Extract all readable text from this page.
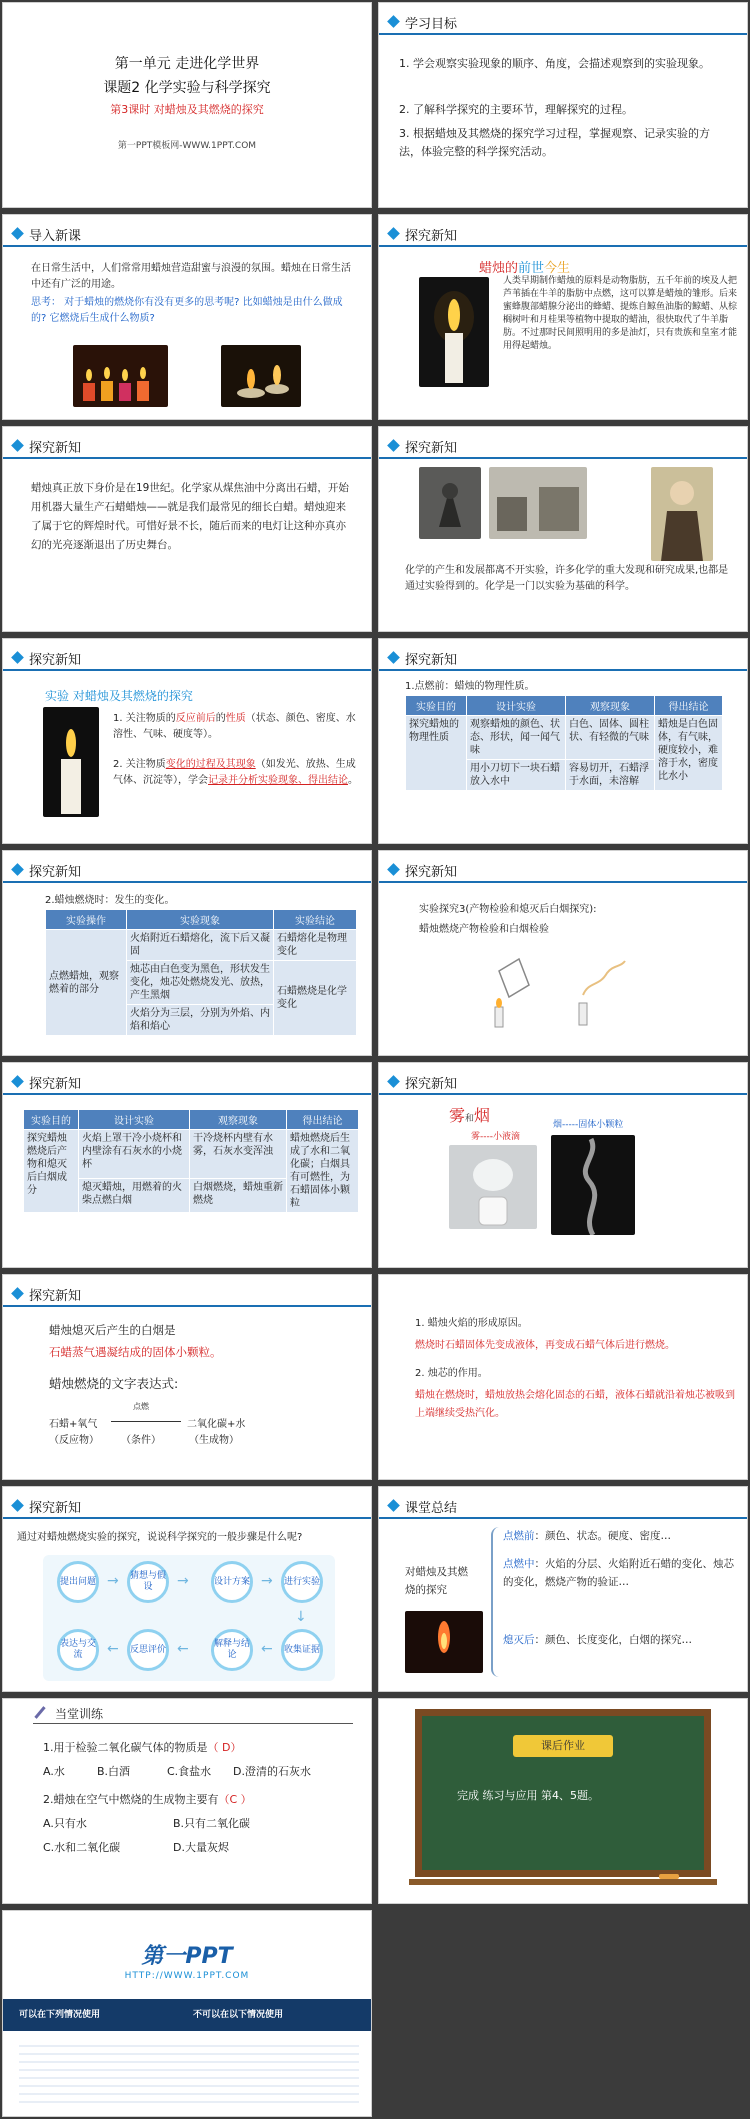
第一单元 走进化学世界
课题2 化学实验与科学探究
第3课时 对蜡烛及其燃烧的探究
第一PPT模板网-WWW.1PPT.COM
学习目标
1. 学会观察实验现象的顺序、角度，会描述观察到的实验现象。
2. 了解科学探究的主要环节，理解探究的过程。
3. 根据蜡烛及其燃烧的探究学习过程，掌握观察、记录实验的方法，体验完整的科学探究活动。
导入新课
在日常生活中，人们常常用蜡烛营造甜蜜与浪漫的氛围。蜡烛在日常生活中还有广泛的用途。
思考： 对于蜡烛的燃烧你有没有更多的思考呢? 比如蜡烛是由什么做成的? 它燃烧后生成什么物质?
探究新知
蜡烛的前世今生
人类早期制作蜡烛的原料是动物脂肪，五千年前的埃及人把芦苇插在牛羊的脂肪中点燃，这可以算是蜡烛的雏形。后来蜜蜂腹部蜡腺分泌出的蜂蜡、提炼自鲸鱼油脂的鲸蜡、从棕榈树叶和月桂果等植物中提取的蜡油，很快取代了牛羊脂肪。不过那时民间照明用的多是油灯，只有贵族和皇室才能用得起蜡烛。
探究新知
蜡烛真正放下身价是在19世纪。化学家从煤焦油中分离出石蜡，开始用机器大量生产石蜡蜡烛——就是我们最常见的细长白蜡。蜡烛迎来了属于它的辉煌时代。可惜好景不长，随后而来的电灯让这种亦真亦幻的光亮逐渐退出了历史舞台。
探究新知
化学的产生和发展都离不开实验，许多化学的重大发现和研究成果,也都是通过实验得到的。化学是一门以实验为基础的科学。
探究新知
实验 对蜡烛及其燃烧的探究
1. 关注物质的反应前后的性质（状态、颜色、密度、水溶性、气味、硬度等）。
2. 关注物质变化的过程及其现象（如发光、放热、生成气体、沉淀等），学会记录并分析实验现象、得出结论。
探究新知
1.点燃前：蜡烛的物理性质。
实验目的	设计实验	观察现象	得出结论
探究蜡烛的物理性质	观察蜡烛的颜色、状态、形状，闻一闻气味	白色、固体、圆柱状、有轻微的气味	蜡烛是白色固体，有气味，硬度较小，难溶于水，密度比水小
	用小刀切下一块石蜡放入水中	容易切开，石蜡浮于水面，未溶解	
探究新知
2.蜡烛燃烧时：发生的变化。
实验操作	实验现象	实验结论
点燃蜡烛，观察燃着的部分	火焰附近石蜡熔化，流下后又凝固	石蜡熔化是物理变化
	烛芯由白色变为黑色，形状发生变化，烛芯处燃烧发光、放热，产生黑烟	石蜡燃烧是化学变化
	火焰分为三层，分别为外焰、内焰和焰心	
探究新知
实验探究3(产物检验和熄灭后白烟探究):
蜡烛燃烧产物检验和白烟检验
探究新知
实验目的	设计实验	观察现象	得出结论
探究蜡烛燃烧后产物和熄灭后白烟成分	火焰上罩干冷小烧杯和内壁涂有石灰水的小烧杯	干冷烧杯内壁有水雾，石灰水变浑浊	蜡烛燃烧后生成了水和二氧化碳；白烟具有可燃性，为石蜡固体小颗粒
	熄灭蜡烛，用燃着的火柴点燃白烟	白烟燃烧，蜡烛重新燃烧	
探究新知
雾和烟
雾----小液滴
烟-----固体小颗粒
探究新知
蜡烛熄灭后产生的白烟是
石蜡蒸气遇凝结成的固体小颗粒。
蜡烛燃烧的文字表达式:
石蜡+氧气
点燃
二氧化碳+水
（反应物） （条件）	（生成物）
1. 蜡烛火焰的形成原因。
燃烧时石蜡固体先变成液体，再变成石蜡气体后进行燃烧。
2. 烛芯的作用。
蜡烛在燃烧时，蜡烛放热会熔化固态的石蜡，液体石蜡就沿着烛芯被吸到上端继续受热汽化。
探究新知
通过对蜡烛燃烧实验的探究，说说科学探究的一般步骤是什么呢?
提出问题 →	猜想与假设	→	设计方案 →	进行实验
↓
收集证据
←
解释与结论
←
反思评价
←
表达与交流
课堂总结
对蜡烛及其燃烧的探究
点燃前：颜色、状态。硬度、密度…
点燃中：火焰的分层、火焰附近石蜡的变化、烛芯的变化，燃烧产物的验证…
熄灭后：颜色、长度变化，白烟的探究…
当堂训练
1.用于检验二氧化碳气体的物质是（ D）
A.水	B.白酒	C.食盐水 D.澄清的石灰水
2.蜡烛在空气中燃烧的生成物主要有（C ）
A.只有水	B.只有二氧化碳
C.水和二氧化碳	D.大量灰烬
课后作业
完成 练习与应用 第4、5题。
第一PPT
HTTP://WWW.1PPT.COM
可以在下列情况使用	不可以在以下情况使用
